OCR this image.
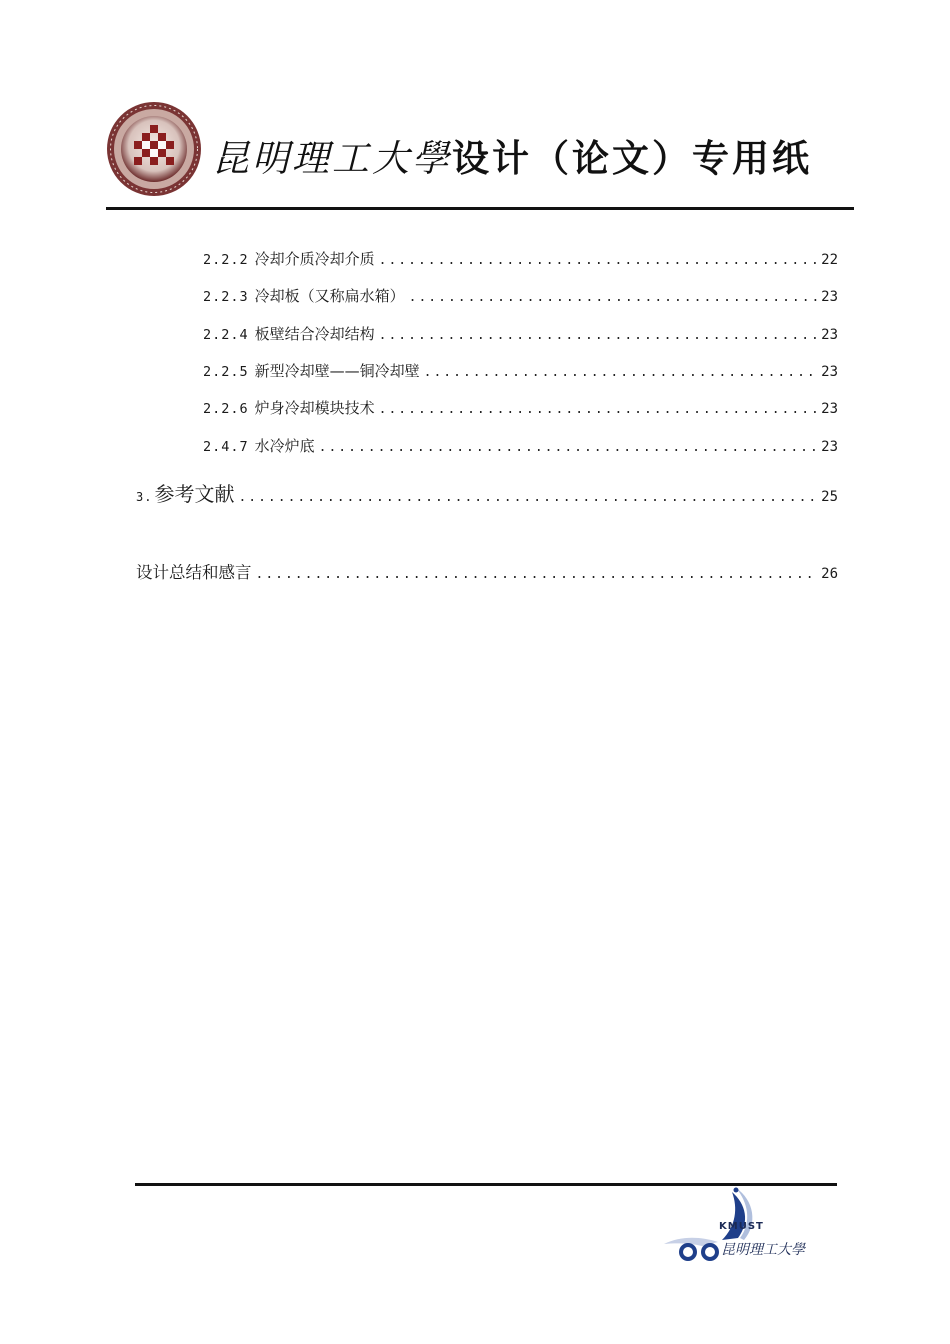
昆明理工大學设计（论文）专用纸
2.2.2 冷却介质冷却介质 .....	22
2.2.3 冷却板（又称扁水箱） .....	23
2.2.4 板壁结合冷却结构 .....	23
2.2.5 新型冷却壁——铜冷却壁 .....	23
2.2.6 炉身冷却模块技术 .....	23
2.4.7 水冷炉底 .....	23
3. 参考文献 .....	25
设计总结和感言 .....	26
KMUST
昆明理工大學
